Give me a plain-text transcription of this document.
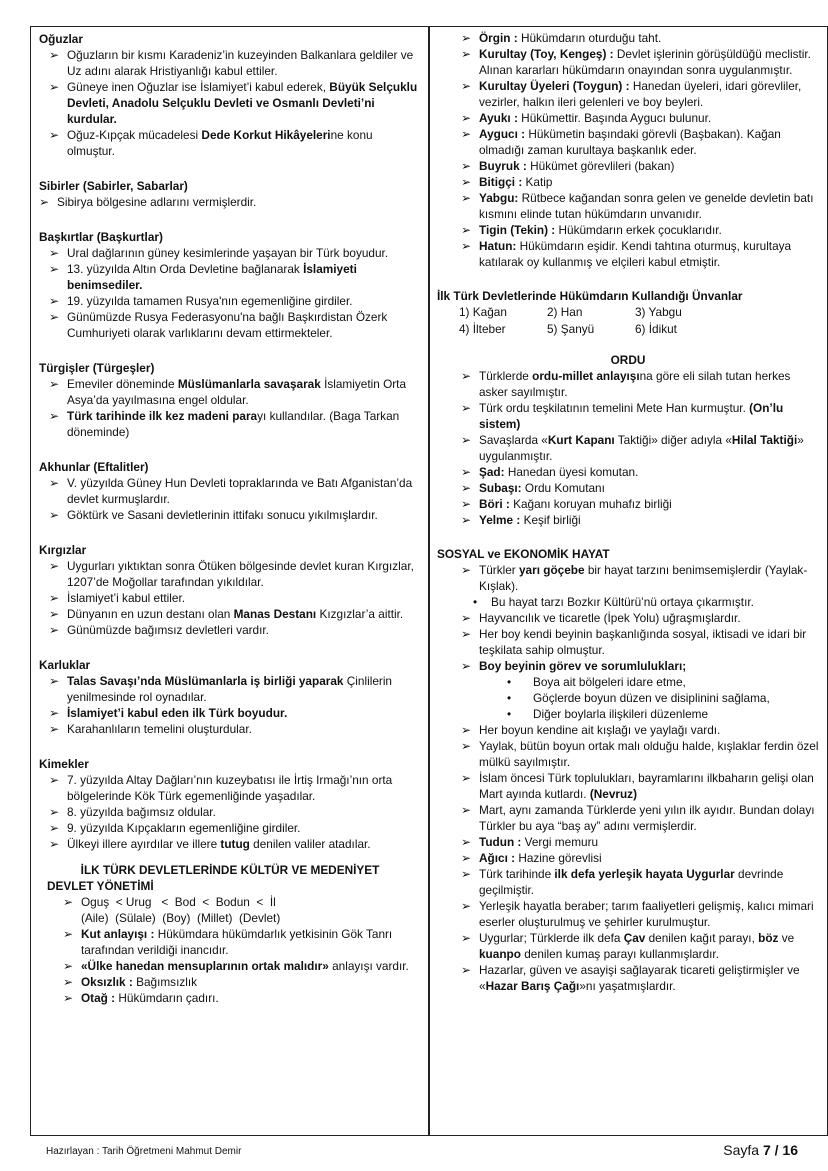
Oğuzlar
➢ Oğuzların bir kısmı Karadeniz’in kuzeyinden Balkanlara geldiler ve Uz adını alarak Hristiyanlığı kabul ettiler.
➢ Güneye inen Oğuzlar ise İslamiyet’i kabul ederek, Büyük Selçuklu Devleti, Anadolu Selçuklu Devleti ve Osmanlı Devleti’ni kurdular.
➢ Oğuz-Kıpçak mücadelesi Dede Korkut Hikâyelerine konu olmuştur.
Sibirler (Sabirler, Sabarlar)
➢ Sibirya bölgesine adlarını vermişlerdir.
Başkırtlar (Başkurtlar)
➢ Ural dağlarının güney kesimlerinde yaşayan bir Türk boyudur.
➢ 13. yüzyılda Altın Orda Devletine bağlanarak İslamiyeti benimsediler.
➢ 19. yüzyılda tamamen Rusya'nın egemenliğine girdiler.
➢ Günümüzde Rusya Federasyonu'na bağlı Başkırdistan Özerk Cumhuriyeti olarak varlıklarını devam ettirmekteler.
Türgişler (Türgeşler)
➢ Emeviler döneminde Müslümanlarla savaşarak İslamiyetin Orta Asya’da yayılmasına engel oldular.
➢ Türk tarihinde ilk kez madeni parayı kullandılar. (Baga Tarkan döneminde)
Akhunlar (Eftalitler)
➢ V. yüzyılda Güney Hun Devleti topraklarında ve Batı Afganistan’da devlet kurmuşlardır.
➢ Göktürk ve Sasani devletlerinin ittifakı sonucu yıkılmışlardır.
Kırgızlar
➢ Uygurları yıktıktan sonra Ötüken bölgesinde devlet kuran Kırgızlar, 1207’de Moğollar tarafından yıkıldılar.
➢ İslamiyet’i kabul ettiler.
➢ Dünyanın en uzun destanı olan Manas Destanı Kızgızlar’a aittir.
➢ Günümüzde bağımsız devletleri vardır.
Karluklar
➢ Talas Savaşı’nda Müslümanlarla iş birliği yaparak Çinlilerin yenilmesinde rol oynadılar.
➢ İslamiyet’i kabul eden ilk Türk boyudur.
➢ Karahanlıların temelini oluşturdular.
Kimekler
➢ 7. yüzyılda Altay Dağları’nın kuzeybatısı ile İrtiş Irmağı’nın orta bölgelerinde Kök Türk egemenliğinde yaşadılar.
➢ 8. yüzyılda bağımsız oldular.
➢ 9. yüzyılda Kıpçakların egemenliğine girdiler.
➢ Ülkeyi illere ayırdılar ve illere tutug denilen valiler atadılar.
İLK TÜRK DEVLETLERİNDE KÜLTÜR VE MEDENİYET
DEVLET YÖNETİMİ
➢ Oguş  < Urug   <  Bod  <  Bodun  <  İl
(Aile)  (Sülale)  (Boy)  (Millet)  (Devlet)
➢ Kut anlayışı : Hükümdara hükümdarlık yetkisinin Gök Tanrı tarafından verildiği inancıdır.
➢ «Ülke hanedan mensuplarının ortak malıdır» anlayışı vardır.
➢ Oksızlık : Bağımsızlık
➢ Otağ : Hükümdarın çadırı.
➢ Örgin : Hükümdarın oturduğu taht.
➢ Kurultay (Toy, Kengeş) : Devlet işlerinin görüşüldüğü meclistir. Alınan kararları hükümdarın onayından sonra uygulanmıştır.
➢ Kurultay Üyeleri (Toygun) : Hanedan üyeleri, idari görevliler, vezirler, halkın ileri gelenleri ve boy beyleri.
➢ Ayukı : Hükümettir. Başında Aygucı bulunur.
➢ Aygucı : Hükümetin başındaki görevli (Başbakan). Kağan olmadığı zaman kurultaya başkanlık eder.
➢ Buyruk : Hükümet görevlileri (bakan)
➢ Bitigçi : Katip
➢ Yabgu: Rütbece kağandan sonra gelen ve genelde devletin batı kısmını elinde tutan hükümdarın unvanıdır.
➢ Tigin (Tekin) : Hükümdarın erkek çocuklarıdır.
➢ Hatun: Hükümdarın eşidir. Kendi tahtına oturmuş, kurultaya katılarak oy kullanmış ve elçileri kabul etmiştir.
İlk Türk Devletlerinde Hükümdarın Kullandığı Ünvanlar
1) Kağan	2) Han	3) Yabgu
4) İlteber	5) Şanyü	6) İdikut
ORDU
➢ Türklerde ordu-millet anlayışına göre eli silah tutan herkes asker sayılmıştır.
➢ Türk ordu teşkilatının temelini Mete Han kurmuştur. (On’lu sistem)
➢ Savaşlarda «Kurt Kapanı Taktiği» diğer adıyla «Hilal Taktiği» uygulanmıştır.
➢ Şad: Hanedan üyesi komutan.
➢ Subaşı: Ordu Komutanı
➢ Böri : Kağanı koruyan muhafız birliği
➢ Yelme : Keşif birliği
SOSYAL ve EKONOMİK HAYAT
➢ Türkler yarı göçebe bir hayat tarzını benimsemişlerdir (Yaylak-Kışlak).
•	Bu hayat tarzı Bozkır Kültürü’nü ortaya çıkarmıştır.
➢ Hayvancılık ve ticaretle (İpek Yolu) uğraşmışlardır.
➢ Her boy kendi beyinin başkanlığında sosyal, iktisadi ve idari bir teşkilata sahip olmuştur.
➢ Boy beyinin görev ve sorumlulukları;
•	Boya ait bölgeleri idare etme,
•	Göçlerde boyun düzen ve disiplinini sağlama,
•	Diğer boylarla ilişkileri düzenleme
➢ Her boyun kendine ait kışlağı ve yaylağı vardı.
➢ Yaylak, bütün boyun ortak malı olduğu halde, kışlaklar ferdin özel mülkü sayılmıştır.
➢ İslam öncesi Türk toplulukları, bayramlarını ilkbaharın gelişi olan Mart ayında kutlardı. (Nevruz)
➢ Mart, aynı zamanda Türklerde yeni yılın ilk ayıdır. Bundan dolayı Türkler bu aya “baş ay” adını vermişlerdir.
➢ Tudun : Vergi memuru
➢ Ağıcı : Hazine görevlisi
➢ Türk tarihinde ilk defa yerleşik hayata Uygurlar devrinde geçilmiştir.
➢ Yerleşik hayatla beraber; tarım faaliyetleri gelişmiş, kalıcı mimari eserler oluşturulmuş ve şehirler kurulmuştur.
➢ Uygurlar; Türklerde ilk defa Çav denilen kağıt parayı, böz ve kuanpo denilen kumaş parayı kullanmışlardır.
➢ Hazarlar, güven ve asayişi sağlayarak ticareti geliştirmişler ve «Hazar Barış Çağı»nı yaşatmışlardır.
Hazırlayan : Tarih Öğretmeni Mahmut Demir	Sayfa 7 / 16
